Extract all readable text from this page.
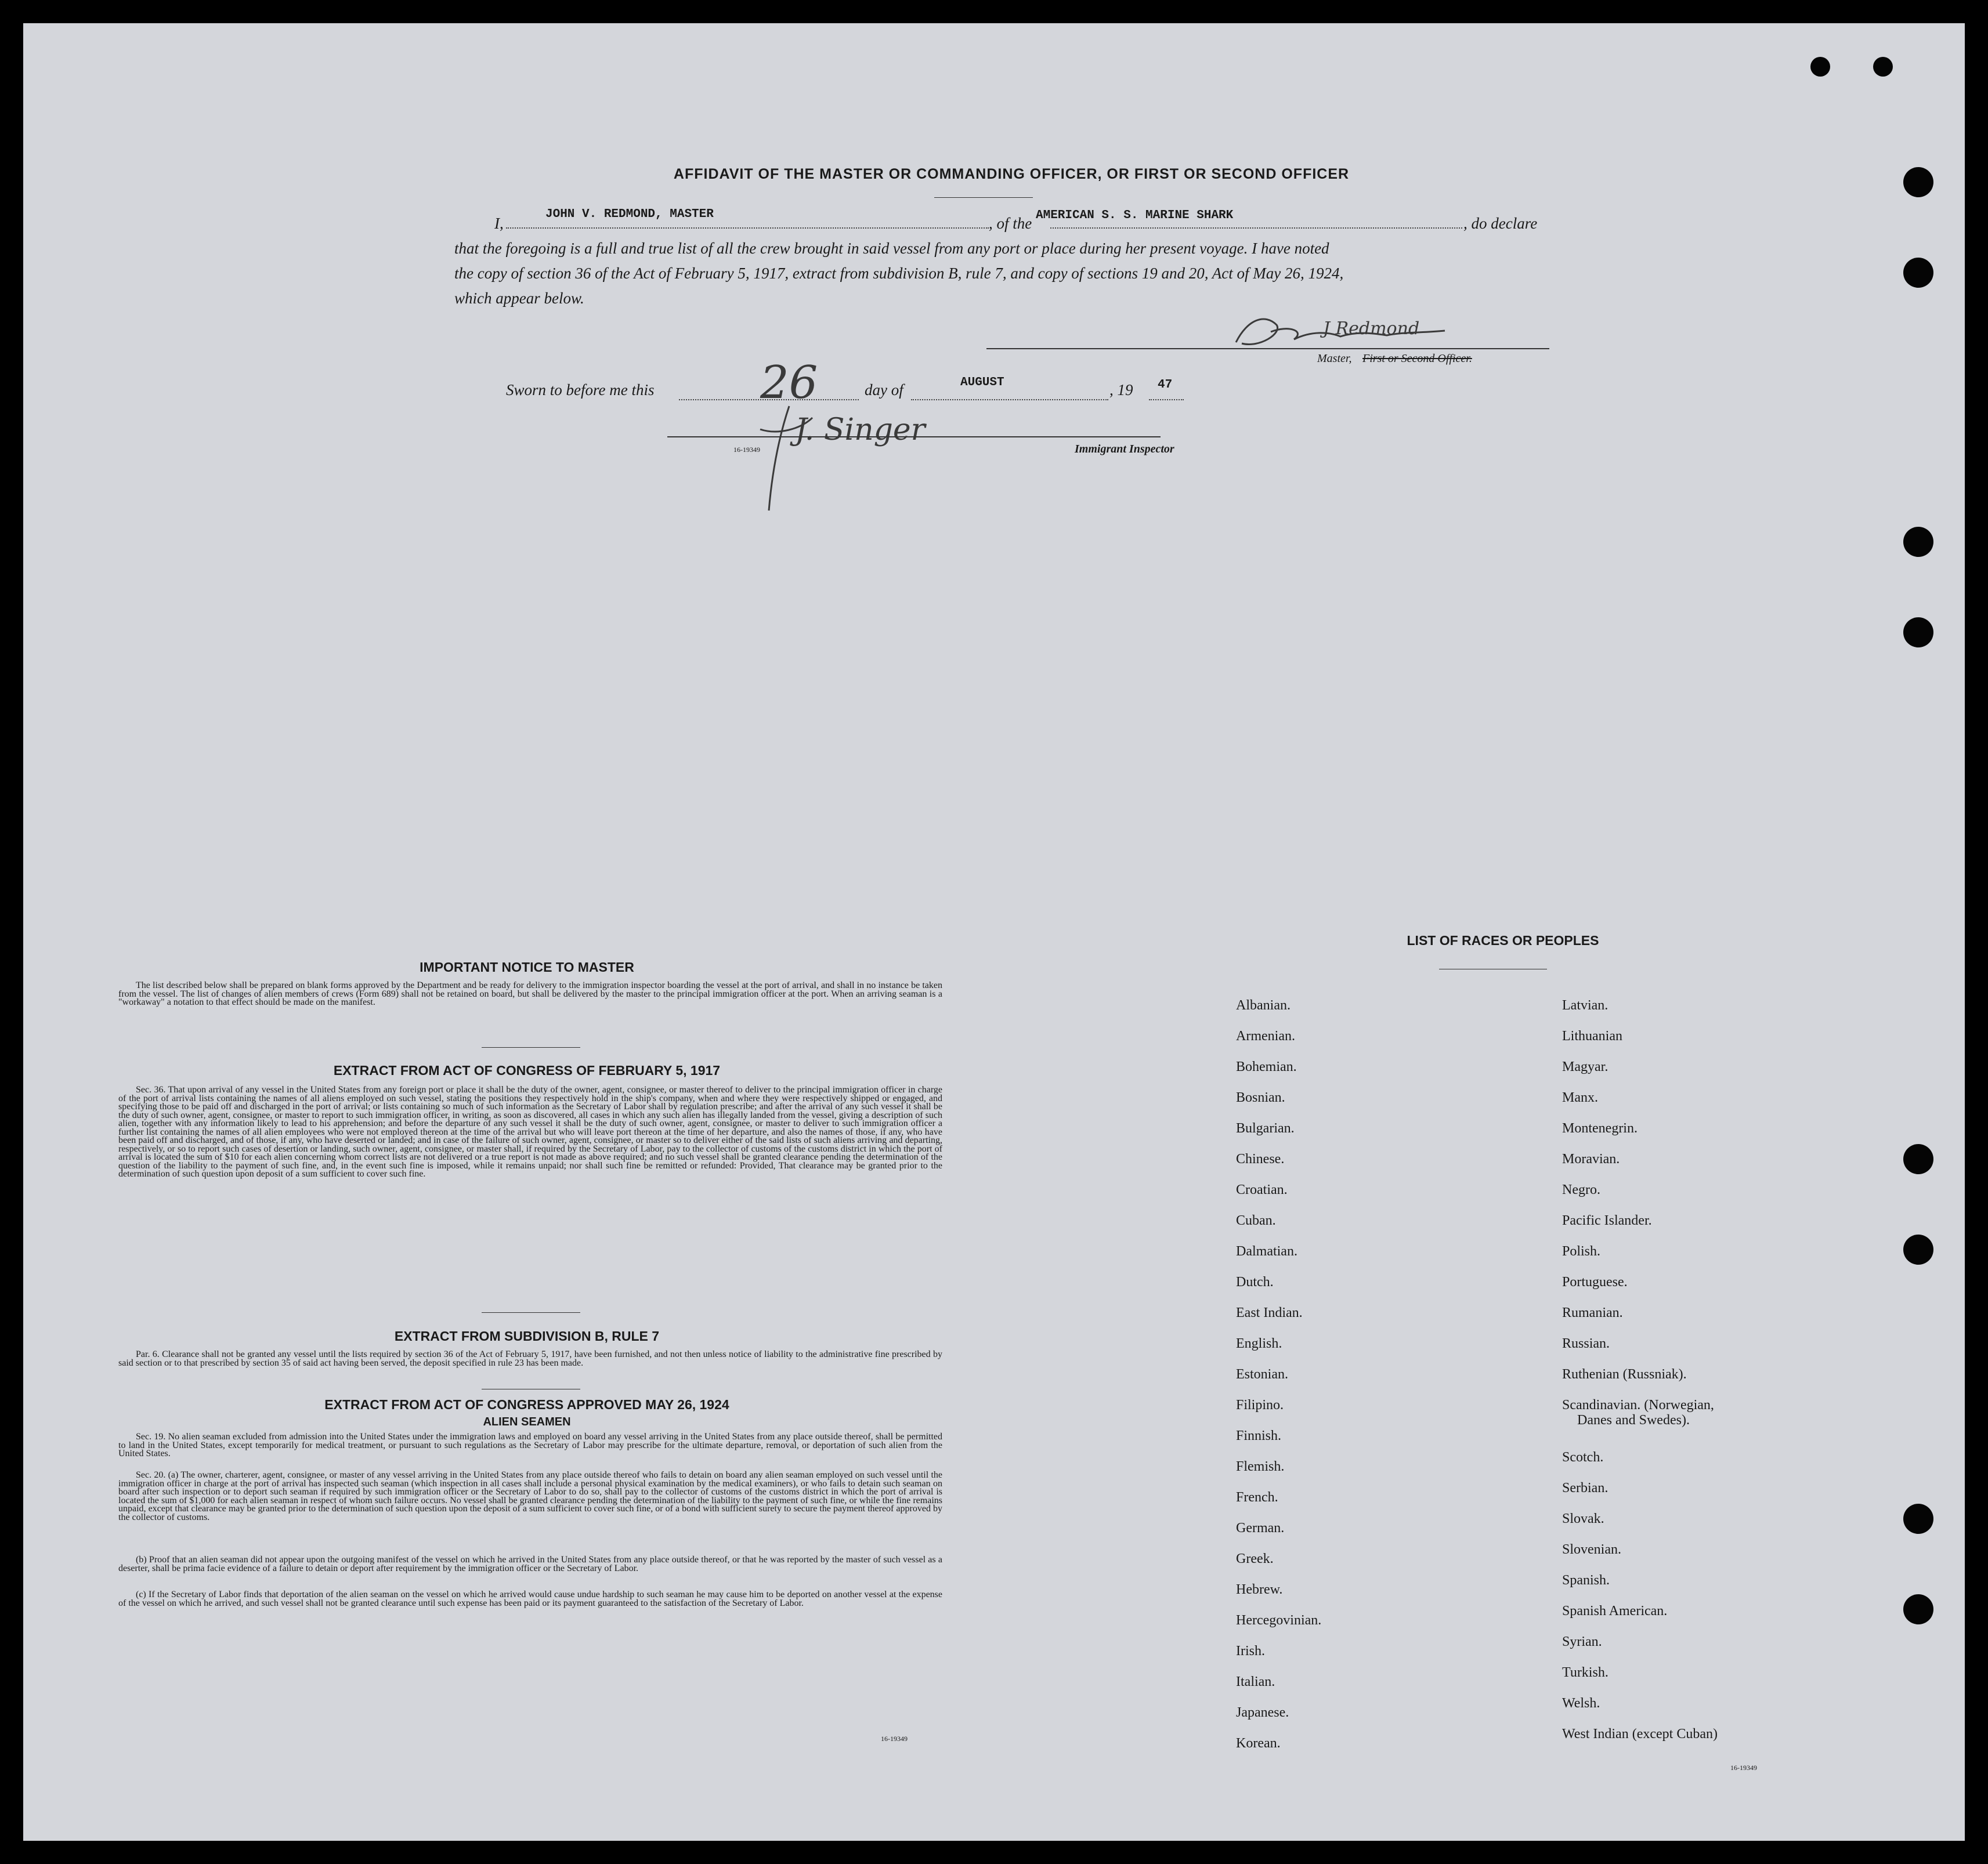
AFFIDAVIT OF THE MASTER OR COMMANDING OFFICER, OR FIRST OR SECOND OFFICER
I,
JOHN V. REDMOND, MASTER
, of the AMERICAN S. S. MARINE SHARK	, do declare
that the foregoing is a full and true list of all the crew brought in said vessel from any port or place during her present voyage. I have noted
the copy of section 36 of the Act of February 5, 1917, extract from subdivision B, rule 7, and copy of sections 19 and 20, Act of May 26, 1924,
which appear below.
J Redmond
Master, First or Second Officer.
Sworn to before me this 26	day of	AUGUST	, 19 47
J. Singer
16-19349	Immigrant Inspector
IMPORTANT NOTICE TO MASTER
The list described below shall be prepared on blank forms approved by the Department and be ready for delivery to the immigration inspector boarding the vessel at the port of arrival, and shall in no instance be taken from the vessel. The list of changes of alien members of crews (Form 689) shall not be retained on board, but shall be delivered by the master to the principal immigration officer at the port. When an arriving seaman is a "workaway" a notation to that effect should be made on the manifest.
EXTRACT FROM ACT OF CONGRESS OF FEBRUARY 5, 1917
Sec. 36. That upon arrival of any vessel in the United States from any foreign port or place it shall be the duty of the owner, agent, consignee, or master thereof to deliver to the principal immigration officer in charge of the port of arrival lists containing the names of all aliens employed on such vessel, stating the positions they respectively hold in the ship's company, when and where they were respectively shipped or engaged, and specifying those to be paid off and discharged in the port of arrival; or lists containing so much of such information as the Secretary of Labor shall by regulation prescribe; and after the arrival of any such vessel it shall be the duty of such owner, agent, consignee, or master to report to such immigration officer, in writing, as soon as discovered, all cases in which any such alien has illegally landed from the vessel, giving a description of such alien, together with any information likely to lead to his apprehension; and before the departure of any such vessel it shall be the duty of such owner, agent, consignee, or master to deliver to such immigration officer a further list containing the names of all alien employees who were not employed thereon at the time of the arrival but who will leave port thereon at the time of her departure, and also the names of those, if any, who have been paid off and discharged, and of those, if any, who have deserted or landed; and in case of the failure of such owner, agent, consignee, or master so to deliver either of the said lists of such aliens arriving and departing, respectively, or so to report such cases of desertion or landing, such owner, agent, consignee, or master shall, if required by the Secretary of Labor, pay to the collector of customs of the customs district in which the port of arrival is located the sum of $10 for each alien concerning whom correct lists are not delivered or a true report is not made as above required; and no such vessel shall be granted clearance pending the determination of the question of the liability to the payment of such fine, and, in the event such fine is imposed, while it remains unpaid; nor shall such fine be remitted or refunded: Provided, That clearance may be granted prior to the determination of such question upon deposit of a sum sufficient to cover such fine.
EXTRACT FROM SUBDIVISION B, RULE 7
Par. 6. Clearance shall not be granted any vessel until the lists required by section 36 of the Act of February 5, 1917, have been furnished, and not then unless notice of liability to the administrative fine prescribed by said section or to that prescribed by section 35 of said act having been served, the deposit specified in rule 23 has been made.
EXTRACT FROM ACT OF CONGRESS APPROVED MAY 26, 1924
ALIEN SEAMEN
Sec. 19. No alien seaman excluded from admission into the United States under the immigration laws and employed on board any vessel arriving in the United States from any place outside thereof, shall be permitted to land in the United States, except temporarily for medical treatment, or pursuant to such regulations as the Secretary of Labor may prescribe for the ultimate departure, removal, or deportation of such alien from the United States.
Sec. 20. (a) The owner, charterer, agent, consignee, or master of any vessel arriving in the United States from any place outside thereof who fails to detain on board any alien seaman employed on such vessel until the immigration officer in charge at the port of arrival has inspected such seaman (which inspection in all cases shall include a personal physical examination by the medical examiners), or who fails to detain such seaman on board after such inspection or to deport such seaman if required by such immigration officer or the Secretary of Labor to do so, shall pay to the collector of customs of the customs district in which the port of arrival is located the sum of $1,000 for each alien seaman in respect of whom such failure occurs. No vessel shall be granted clearance pending the determination of the liability to the payment of such fine, or while the fine remains unpaid, except that clearance may be granted prior to the determination of such question upon the deposit of a sum sufficient to cover such fine, or of a bond with sufficient surety to secure the payment thereof approved by the collector of customs.
(b) Proof that an alien seaman did not appear upon the outgoing manifest of the vessel on which he arrived in the United States from any place outside thereof, or that he was reported by the master of such vessel as a deserter, shall be prima facie evidence of a failure to detain or deport after requirement by the immigration officer or the Secretary of Labor.
(c) If the Secretary of Labor finds that deportation of the alien seaman on the vessel on which he arrived would cause undue hardship to such seaman he may cause him to be deported on another vessel at the expense of the vessel on which he arrived, and such vessel shall not be granted clearance until such expense has been paid or its payment guaranteed to the satisfaction of the Secretary of Labor.
16-19349
LIST OF RACES OR PEOPLES
Albanian.
Armenian.
Bohemian.
Bosnian.
Bulgarian.
Chinese.
Croatian.
Cuban.
Dalmatian.
Dutch.
East Indian.
English.
Estonian.
Filipino.
Finnish.
Flemish.
French.
German.
Greek.
Hebrew.
Hercegovinian.
Irish.
Italian.
Japanese.
Korean.
Latvian.
Lithuanian
Magyar.
Manx.
Montenegrin.
Moravian.
Negro.
Pacific Islander.
Polish.
Portuguese.
Rumanian.
Russian.
Ruthenian (Russniak).
Scandinavian. (Norwegian,
Danes and Swedes).
Scotch.
Serbian.
Slovak.
Slovenian.
Spanish.
Spanish American.
Syrian.
Turkish.
Welsh.
West Indian (except Cuban)
16-19349
